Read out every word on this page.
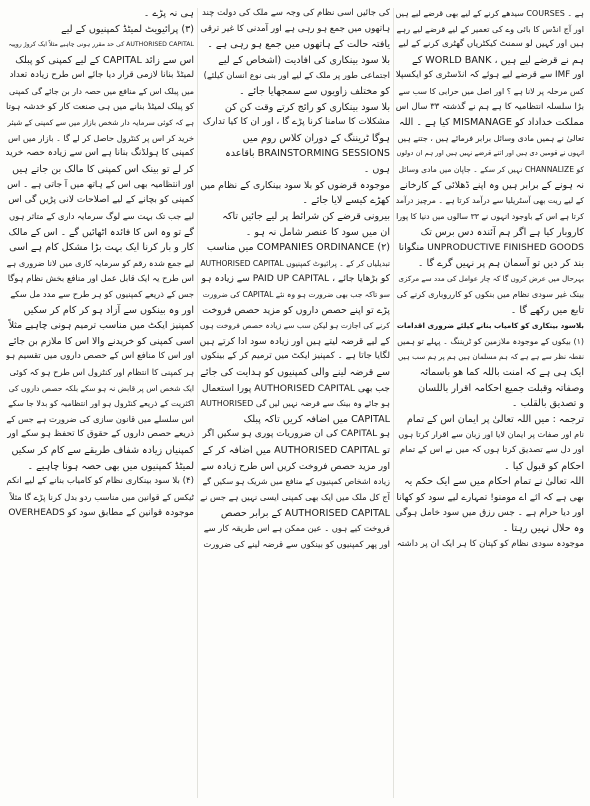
ہے ۔ COURSES سیدھے کرنے کے لیے بھی قرضے لیے ہیں
اور آج انڈس کا بائی وے کی تعمیر کے لیے قرضے لیے رہے
ہیں اور کہیں لو سمنٹ کیکٹریاں گھٹری کرنے کے لیے
ہم نے قرضے لیے ہیں ، WORLD BANK کے
اور IMF سے قرضے لیے ہوئے کہ انڈسٹری کو ایکسپلا
کس مرحلہ پر لانا ہے ؟ اور اصل میں حرابی کا سب سے
بڑا سلسلہ انتظامیہ کا ہے ہم نے گذشتہ ۳۳ سال اس
مملکت خداداد کو MISMANAGE کیا ہے ۔ اللہ
تعالیٰ نے ہمیں مادی وسائل برابر فرمائے ہیں ، جتنے ہیں
انہوں نے قومیں دی ہیں اور اتنے قرضے نہیں ہیں اور ہم ان دولوں
کو CHANNALIZE نہیں کر سکے ۔ جاپان میں مادی وسائل
نہ ہونے کے برابر ہیں وہ اپنے ڈھلائی کے کارخانے
کے لیے ریت بھی آسٹریلیا سے درآمد کرتا ہے ۔ مرچیز درآمد
کرتا ہے اس کے باوجود انہوں نے ۳۳ سالوں میں دنیا کا پورا
کاروبار کیا ہے اگر ہم آئندہ دس برس تک
UNPRODUCTIVE FINISHED GOODS منگوانا
بند کر دیں تو آسمان ہم پر نہیں گرے گا ۔
بہرحال میں عرض کروں گا کہ چار عوامل کی مدد سے مرکزی
بینک غیر سودی نظام میں بنکوں کو کارروباری کرنے کی
تابع میں رکھے گا ۔
بلاسود بینکاری کو کامیاب بنانے کیلئے ضروری اقدامات
(۱) بیکوں کے موجودہ ملازمین کو ٹریننگ ۔ پہلے تو ہمیں
نقطہ نظر سے ہے ہے کہ ہم مسلمان ہیں ہم پر ہم سب ہیں
ایک ہی ہے کہ امنت باللہ کما ھو باسمائہ
وصفاتہ وقبلت جمیع احکامہ اقرار باللسان
و تصدیق بالقلب ۔
ترجمہ : میں اللہ تعالیٰ پر ایمان اس کے تمام
نام اور صفات پر ایمان لایا اور زبان سے اقرار کرتا ہوں
اور دل سے تصدیق کرتا ہوں کہ میں نے اس کے تمام
احکام کو قبول کیا ۔
اللہ تعالیٰ نے تمام احکام میں سے ایک حکم یہ
بھی ہے کہ ائے اے مومنو! تمہارے لیے سود کو کھانا
اور دیا حرام ہے ۔ جس رزق میں سود خامل ہوگی
وہ حلال نہیں رہتا ۔
موجودہ سودی نظام کو کپتان کا ہر ایک ان پر داشتہ
کی جائیں اسی نظام کی وجہ سے ملک کی دولت چند
ہاتھوں میں جمع ہو رہی ہے اور آمدنی کا غیر ترقی
یافتہ حالت کے ہاتھوں میں جمع ہو رہی ہے ۔
بلا سود بینکاری کی افادیت (اشخاص کے لیے
اجتماعی طور پر ملک کے لیے اور بنی نوع انسان کیلئے)
کو مختلف زاویوں سے سمجھایا جائے ۔
بلا سود بینکاری کو رائج کرتے وقت کن کن
مشکلات کا سامنا کرنا پڑے گا ، اور ان کا کیا تدارک
ہوگا ٹریننگ کے دوران کلاس روم میں
BRAINSTORMING SESSIONS باقاعدہ
ہوں ۔
موجودہ قرضوں کو بلا سود بینکاری کے نظام میں
کھڑے کیسے لایا جائے ۔
بیرونی قرضے کن شرائط پر لیے جائیں تاکہ
ان میں سود کا عنصر شامل نہ ہو ۔
(۲) COMPANIES ORDINANCE میں مناسب
تبدیلیاں کر کے ۔ پرائیوٹ کمپنیوں AUTHORISED CAPITAL
کو بڑھایا جائے ، PAID UP CAPITAL سے زیادہ ہو
سو تاکہ جب بھی ضرورت ہو وہ نئے CAPITAL کی ضرورت
پڑے تو اپنے حصص داروں کو مزید حصص فروخت
کرنے کی اجازت ہو لیکن سب سے زیادہ حصص فروخت ہوں
کے لیے قرضہ لیتے ہیں اور زیادہ سود ادا کرتے ہیں
لگایا جاتا ہے ۔ کمپنیز ایکٹ میں ترمیم کر کے بینکوں
سے قرضہ لینے والی کمپنیوں کو ہدایت کی جائے
جب بھی AUTHORISED CAPITAL پورا استعمال
ہو جائے وہ بینک سے قرضہ نہیں لیں گی AUTHORISED
CAPITAL میں اضافہ کریں تاکہ پبلک
ہو CAPITAL کی ان ضروریات پوری ہو سکیں اگر
تو AUTHORISED CAPITAL میں اضافہ کر کے
اور مزید حصص فروخت کریں اس طرح زیادہ سے
زیادہ اشخاص کمپنیوں کے منافع میں شریک ہو سکیں گے
آج کل ملک میں ایک بھی کمپنی ایسی نہیں ہے جس نے
AUTHORISED CAPITAL کے برابر حصص
فروخت کیے ہوں ۔ عین ممکن ہے اس طریقہ کار سے
اور پھر کمپنیوں کو بینکوں سے قرضہ لینے کی ضرورت
ہی نہ پڑے ۔
(۳) پرائیویٹ لمیٹڈ کمپنیوں کے لیے
AUTHORISED CAPITAL کی حد مقرر ہونی چاہیے مثلاً ایک کروڑ روپیہ
اس سے زائد CAPITAL کے لیے کمپنی کو پبلک
لمیٹڈ بنانا لازمی قرار دیا جائے اس طرح زیادہ تعداد
میں پبلک اس کے منافع میں حصہ دار بن جائے گی کمپنی
کو پبلک لمیٹڈ بنانے میں ہی صنعت کار کو خدشہ ہوتا
ہے کہ کوئی سرمایہ دار شخص بازار میں سے کمپنی کے شیئر
خرید کر اس پر کنٹرول حاصل کر لے گا ۔ بازار میں اس
کمپنی کا ہولڈنگ بنانا ہے اس سے زیادہ حصہ خرید
کر لے تو بینک اس کمپنی کا مالک بن جاتے ہیں
اور انتظامیہ بھی اس کے ہاتھ میں آ جاتی ہے ۔ اس
کمپنی کو بچانے کے لیے اصلاحات لانی پڑیں گی اس
لیے جب تک بہت سے لوگ سرمایہ داری کے متاثر ہوں
گے تو وہ اس کا فائدہ اٹھائیں گے ۔ اس کے مالک
کار و بار کرنا ایک بہت بڑا مشکل کام ہے اسی
لیے جمع شدہ رقم کو سرمایہ کاری میں لانا ضروری ہے
اس طرح یہ ایک قابل عمل اور منافع بخش نظام ہوگا
جس کے ذریعے کمپنیوں کو ہر طرح سے مدد مل سکے
اور وہ بینکوں سے آزاد ہو کر کام کر سکیں
کمپنیز ایکٹ میں مناسب ترمیم ہونی چاہیے مثلاً
اسی کمپنی کو خریدنے والا اس کا ملازم بن جائے
اور اس کا منافع اس کے حصص داروں میں تقسیم ہو
ہر کمپنی کا انتظام اور کنٹرول اس طرح ہو کہ کوئی
ایک شخص اس پر قابض نہ ہو سکے بلکہ حصص داروں کی
اکثریت کے ذریعے کنٹرول ہو اور انتظامیہ کو بدلا جا سکے
اس سلسلے میں قانون سازی کی ضرورت ہے جس کے
ذریعے حصص داروں کے حقوق کا تحفظ ہو سکے اور
کمپنیاں زیادہ شفاف طریقے سے کام کر سکیں
لمیٹڈ کمپنیوں میں بھی حصہ ہونا چاہیے ۔
(۴) بلا سود بینکاری نظام کو کامیاب بنانے کے لیے انکم
ٹیکس کے قوانین میں مناسب ردو بدل کرنا پڑے گا مثلاً
موجودہ قوانین کے مطابق سود کو OVERHEADS
